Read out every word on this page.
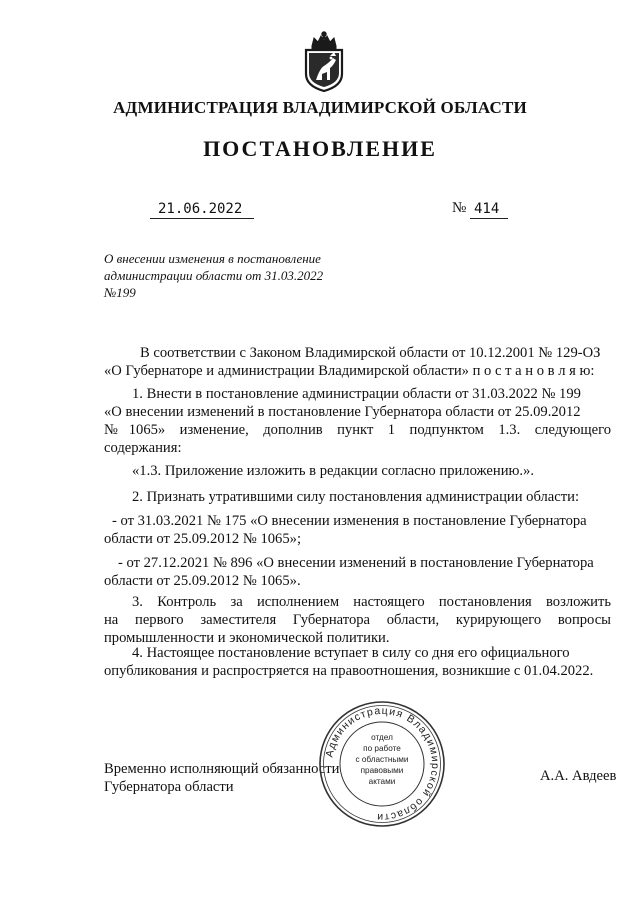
АДМИНИСТРАЦИЯ ВЛАДИМИРСКОЙ ОБЛАСТИ
ПОСТАНОВЛЕНИЕ
21.06.2022	№ 414
О внесении изменения в постановление
администрации области от 31.03.2022
№199
В соответствии с Законом Владимирской области от 10.12.2001 № 129-ОЗ
«О Губернаторе и администрации Владимирской области» п о с т а н о в л я ю:
1. Внести в постановление администрации области от 31.03.2022 № 199
«О внесении изменений в постановление Губернатора области от 25.09.2012
№1065» изменение, дополнив пункт 1 подпунктом 1.3. следующего
содержания:
«1.3. Приложение изложить в редакции согласно приложению.».
2. Признать утратившими силу постановления администрации области:
- от 31.03.2021 № 175 «О внесении изменения в постановление Губернатора
области от 25.09.2012 № 1065»;
- от 27.12.2021 № 896 «О внесении изменений в постановление Губернатора
области от 25.09.2012 № 1065».
3. Контроль за исполнением настоящего постановления возложить
на первого заместителя Губернатора области, курирующего вопросы
промышленности и экономической политики.
4. Настоящее постановление вступает в силу со дня его официального
опубликования и распростряется на правоотношения, возникшие с 01.04.2022.
Временно исполняющий обязанности
Губернатора области
А.А. Авдеев
Администрация Владимирской области
отдел
по работе
с областными
правовыми
актами
